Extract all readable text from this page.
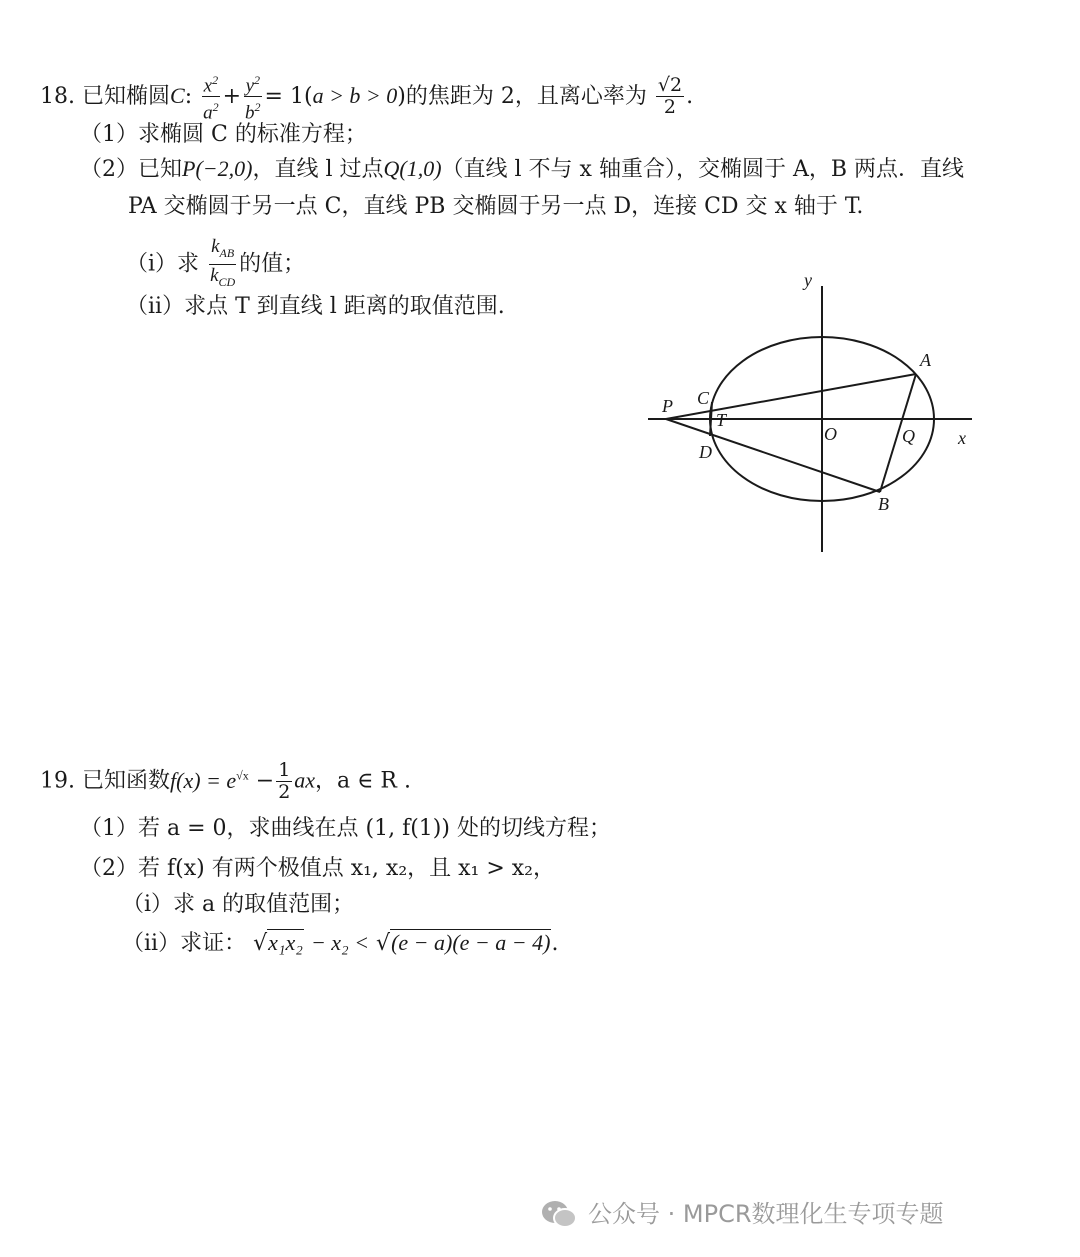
18. 已知椭圆C: $\frac{x^2}{a^2} + \frac{y^2}{b^2} = 1(a > b > 0)$的焦距为 2，且离心率为 $\frac{√2}{2}$ .
（1）求椭圆 C 的标准方程；
（2）已知P(−2,0)，直线 l 过点Q(1,0)（直线 l 不与 x 轴重合），交椭圆于 A，B 两点．直线
PA 交椭圆于另一点 C，直线 PB 交椭圆于另一点 D，连接 CD 交 x 轴于 T.
（i）求 $\frac{k_{AB}}{k_{CD}}$ 的值；
（ii）求点 T 到直线 l 距离的取值范围.
y
x
O
P C
T
D
A
Q
B
19. 已知函数$f(x) = e^{√x} - \frac{1}{2}$ ax，a ∈ R .
（1）若 a = 0，求曲线在点 (1, f(1)) 处的切线方程；
（2）若 f(x) 有两个极值点 x₁, x₂，且 x₁ > x₂，
（i）求 a 的取值范围；
（ii）求证： √x₁x₂ − x₂ < √(e − a)(e − a − 4).
公众号 · MPCR数理化生专项专题
